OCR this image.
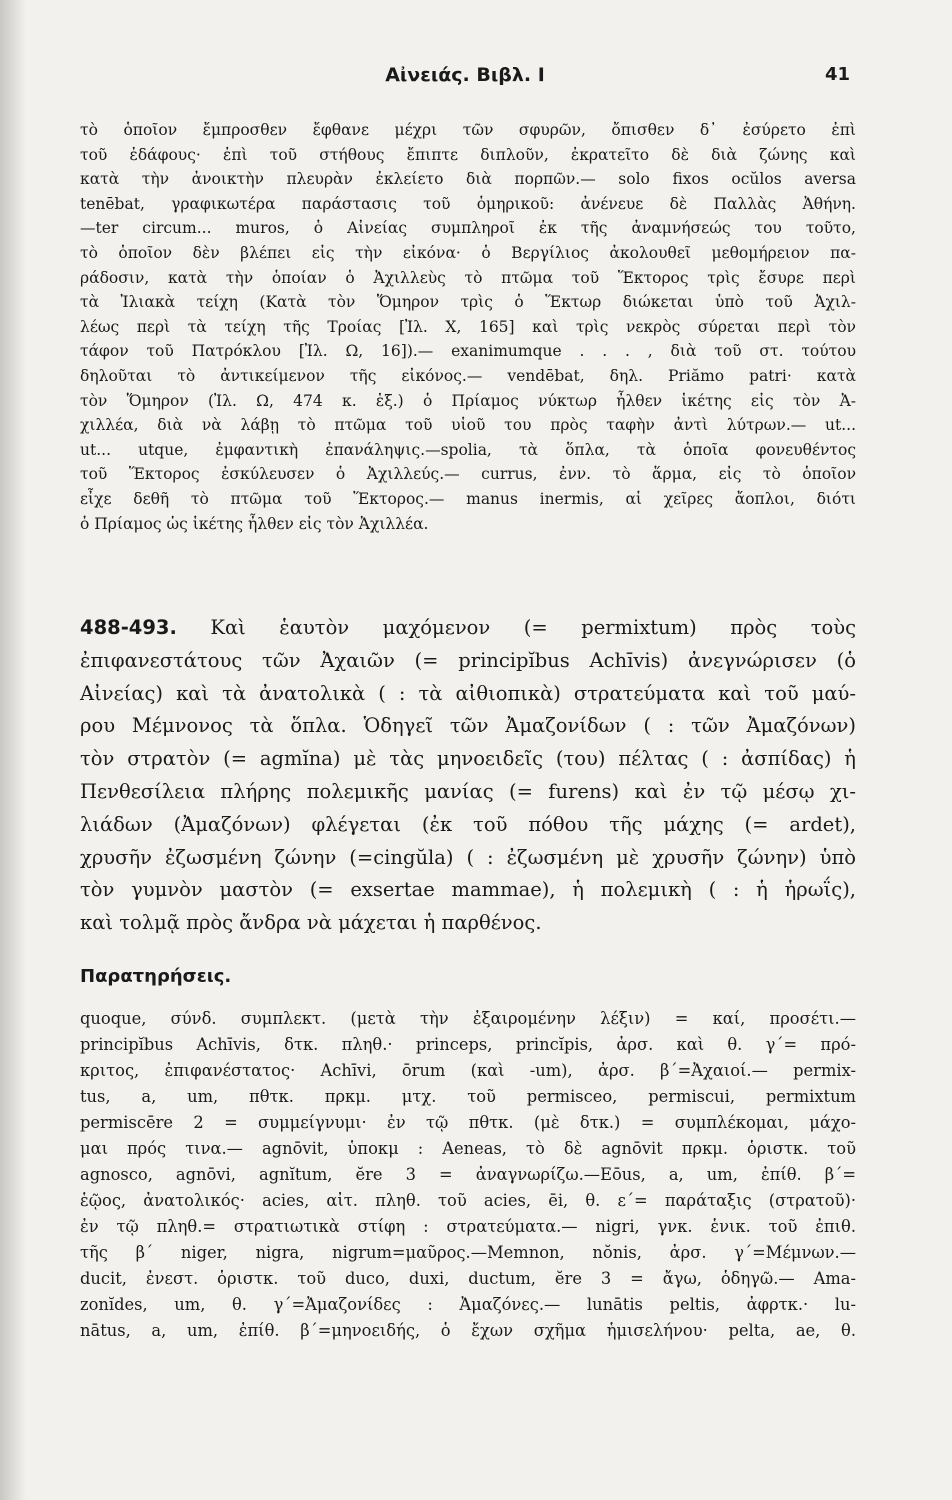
Αἰνειάς. Βιβλ. Ι	41
τὸ ὁποῖον ἔμπροσθεν ἔφθανε μέχρι τῶν σφυρῶν, ὄπισθεν δ᾽ ἐσύρετο ἐπὶ
τοῦ ἐδάφους· ἐπὶ τοῦ στήθους ἔπιπτε διπλοῦν, ἐκρατεῖτο δὲ διὰ ζώνης καὶ
κατὰ τὴν ἀνοικτὴν πλευρὰν ἐκλείετο διὰ πορπῶν.— solo fixos ocŭlos aversa
tenēbat, γραφικωτέρα παράστασις τοῦ ὁμηρικοῦ: ἀνένευε δὲ Παλλὰς Ἀθήνη.
—ter circum... muros, ὁ Αἰνείας συμπληροῖ ἐκ τῆς ἀναμνήσεώς του τοῦτο,
τὸ ὁποῖον δὲν βλέπει εἰς τὴν εἰκόνα· ὁ Βεργίλιος ἀκολουθεῖ μεθομήρειον πα-
ράδοσιν, κατὰ τὴν ὁποίαν ὁ Ἀχιλλεὺς τὸ πτῶμα τοῦ Ἕκτορος τρὶς ἔσυρε περὶ
τὰ Ἰλιακὰ τείχη (Κατὰ τὸν Ὅμηρον τρὶς ὁ Ἕκτωρ διώκεται ὑπὸ τοῦ Ἀχιλ-
λέως περὶ τὰ τείχη τῆς Τροίας [Ἰλ. Χ, 165] καὶ τρὶς νεκρὸς σύρεται περὶ τὸν
τάφον τοῦ Πατρόκλου [Ἰλ. Ω, 16]).— exanimumque . . . , διὰ τοῦ στ. τούτου
δηλοῦται τὸ ἀντικείμενον τῆς εἰκόνος.— vendēbat, δηλ. Priămo patri· κατὰ
τὸν Ὅμηρον (Ἰλ. Ω, 474 κ. ἑξ.) ὁ Πρίαμος νύκτωρ ἦλθεν ἱκέτης εἰς τὸν Ἀ-
χιλλέα, διὰ νὰ λάβῃ τὸ πτῶμα τοῦ υἱοῦ του πρὸς ταφὴν ἀντὶ λύτρων.— ut...
ut... utque, ἐμφαντικὴ ἐπανάληψις.—spolia, τὰ ὅπλα, τὰ ὁποῖα φονευθέντος
τοῦ Ἕκτορος ἐσκύλευσεν ὁ Ἀχιλλεύς.— currus, ἐνν. τὸ ἅρμα, εἰς τὸ ὁποῖον
εἶχε δεθῆ τὸ πτῶμα τοῦ Ἕκτορος.— manus inermis, αἱ χεῖρες ἄοπλοι, διότι
ὁ Πρίαμος ὡς ἱκέτης ἦλθεν εἰς τὸν Ἀχιλλέα.
488-493. Καὶ ἑαυτὸν μαχόμενον (= permixtum) πρὸς τοὺς
ἐπιφανεστάτους τῶν Ἀχαιῶν (= principĭbus Achīvis) ἀνεγνώρισεν (ὁ
Αἰνείας) καὶ τὰ ἀνατολικὰ ( : τὰ αἰθιοπικὰ) στρατεύματα καὶ τοῦ μαύ-
ρου Μέμνονος τὰ ὅπλα. Ὁδηγεῖ τῶν Ἀμαζονίδων ( : τῶν Ἀμαζόνων)
τὸν στρατὸν (= agmĭna) μὲ τὰς μηνοειδεῖς (του) πέλτας ( : ἀσπίδας) ἡ
Πενθεσίλεια πλήρης πολεμικῆς μανίας (= furens) καὶ ἐν τῷ μέσῳ χι-
λιάδων (Ἀμαζόνων) φλέγεται (ἐκ τοῦ πόθου τῆς μάχης (= ardet),
χρυσῆν ἐζωσμένη ζώνην (=cingŭla) ( : ἐζωσμένη μὲ χρυσῆν ζώνην) ὑπὸ
τὸν γυμνὸν μαστὸν (= exsertae mammae), ἡ πολεμικὴ ( : ἡ ἡρωΐς),
καὶ τολμᾷ πρὸς ἄνδρα νὰ μάχεται ἡ παρθένος.
Παρατηρήσεις.
quoque, σύνδ. συμπλεκτ. (μετὰ τὴν ἐξαιρομένην λέξιν) = καί, προσέτι.—
principĭbus Achīvis, δτκ. πληθ.· princeps, princĭpis, ἀρσ. καὶ θ. γ΄= πρό-
κριτος, ἐπιφανέστατος· Achīvi, ōrum (καὶ -um), ἀρσ. β΄=Ἀχαιοί.— permix-
tus, a, um, πθτκ. πρκμ. μτχ. τοῦ permisceo, permiscui, permixtum
permiscēre 2 = συμμείγνυμι· ἐν τῷ πθτκ. (μὲ δτκ.) = συμπλέκομαι, μάχο-
μαι πρός τινα.— agnōvit, ὑποκμ : Aeneas, τὸ δὲ agnōvit πρκμ. ὁριστκ. τοῦ
agnosco, agnōvi, agnĭtum, ĕre 3 = ἀναγνωρίζω.—Eōus, a, um, ἐπίθ. β΄=
ἑῷος, ἀνατολικός· acies, αἰτ. πληθ. τοῦ acies, ēi, θ. ε΄= παράταξις (στρατοῦ)·
ἐν τῷ πληθ.= στρατιωτικὰ στίφη : στρατεύματα.— nigri, γνκ. ἑνικ. τοῦ ἐπιθ.
τῆς β΄ niger, nigra, nigrum=μαῦρος.—Memnon, nŏnis, ἀρσ. γ΄=Μέμνων.—
ducit, ἐνεστ. ὁριστκ. τοῦ duco, duxi, ductum, ĕre 3 = ἄγω, ὁδηγῶ.— Ama-
zonĭdes, um, θ. γ΄=Ἀμαζονίδες : Ἀμαζόνες.— lunātis peltis, ἀφρτκ.· lu-
nātus, a, um, ἐπίθ. β΄=μηνοειδής, ὁ ἔχων σχῆμα ἡμισελήνου· pelta, ae, θ.
